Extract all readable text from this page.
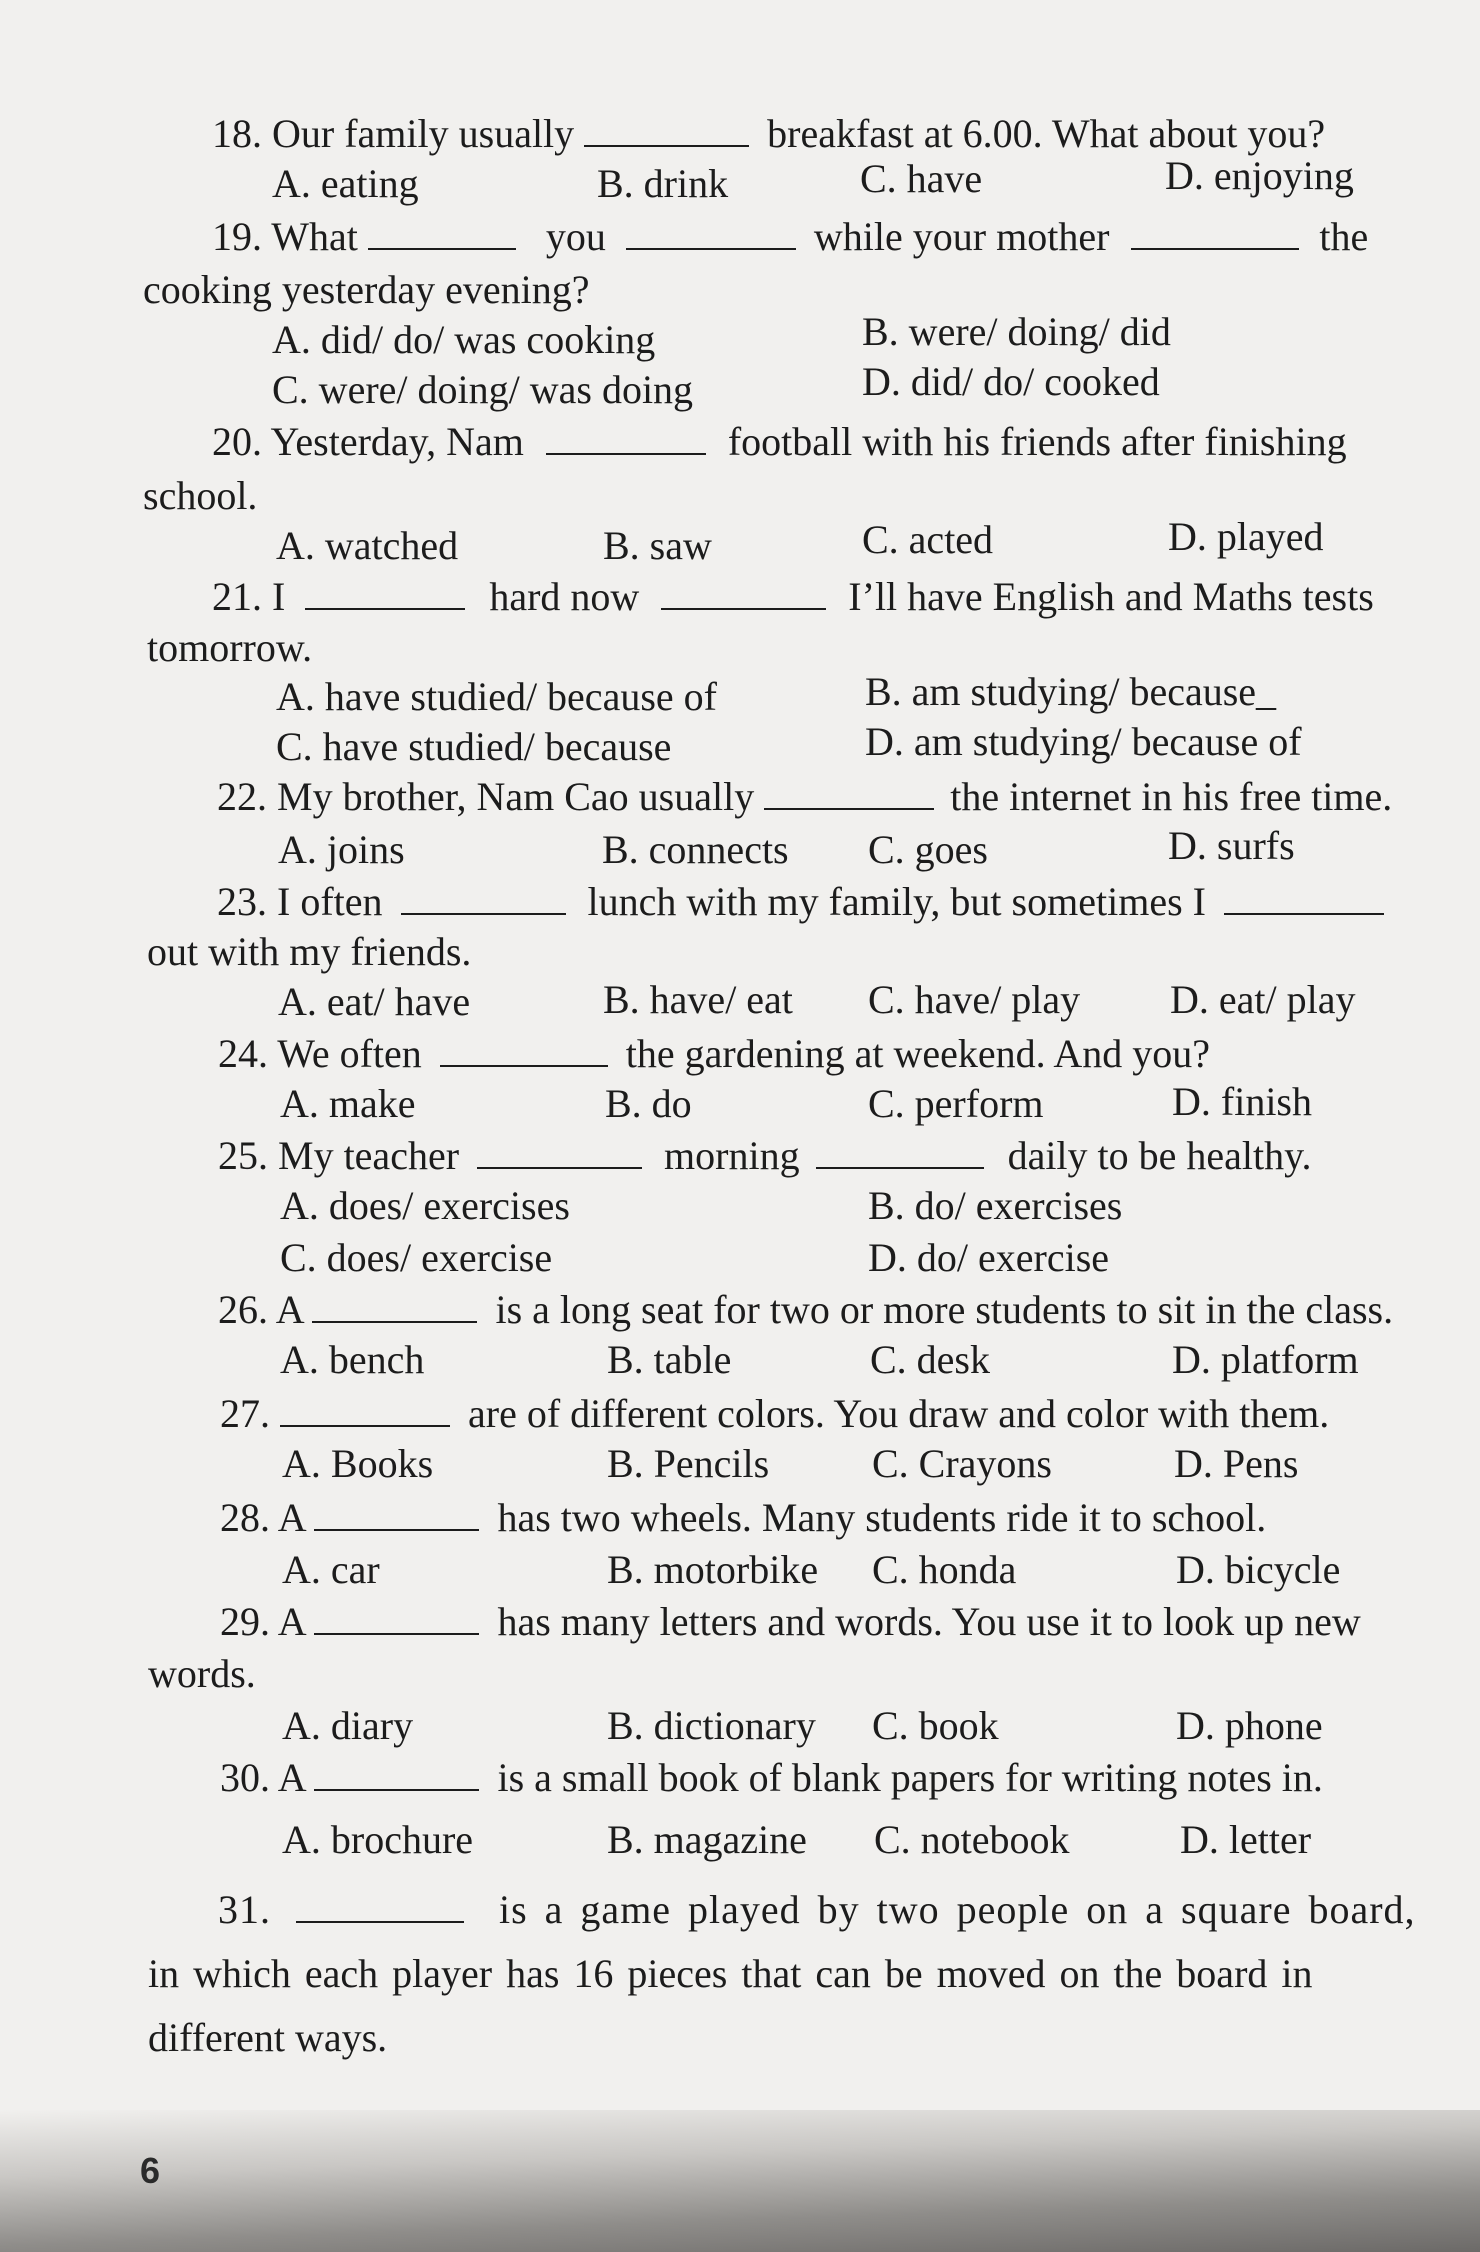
18. Our family usually	breakfast at 6.00. What about you?
A. eating	B. drink	C. have	D. enjoying
19. What	you	while your mother	the
cooking yesterday evening?
A. did/ do/ was cooking	B. were/ doing/ did
C. were/ doing/ was doing	D. did/ do/ cooked
20. Yesterday, Nam	football with his friends after finishing
school.
A. watched	B. saw	C. acted	D. played
21. I	hard now	I’ll have English and Maths tests
tomorrow.
A. have studied/ because of	B. am studying/ because_
C. have studied/ because	D. am studying/ because of
22. My brother, Nam Cao usually	the internet in his free time.
A. joins	B. connects C. goes	D. surfs
23. I often	lunch with my family, but sometimes I
out with my friends.
A. eat/ have	B. have/ eat C. have/ play D. eat/ play
24. We often	the gardening at weekend. And you?
A. make	B. do	C. perform	D. finish
25. My teacher	morning	daily to be healthy.
A. does/ exercises	B. do/ exercises
C. does/ exercise	D. do/ exercise
26. A	is a long seat for two or more students to sit in the class.
A. bench	B. table	C. desk	D. platform
27.	are of different colors. You draw and color with them.
A. Books	B. Pencils	C. Crayons	D. Pens
28. A	has two wheels. Many students ride it to school.
A. car	B. motorbike C. honda	D. bicycle
29. A	has many letters and words. You use it to look up new
words.
A. diary	B. dictionary C. book	D. phone
30. A	is a small book of blank papers for writing notes in.
A. brochure	B. magazine C. notebook	D. letter
31.	is a game played by two people on a square board,
in which each player has 16 pieces that can be moved on the board in
different ways.
6
